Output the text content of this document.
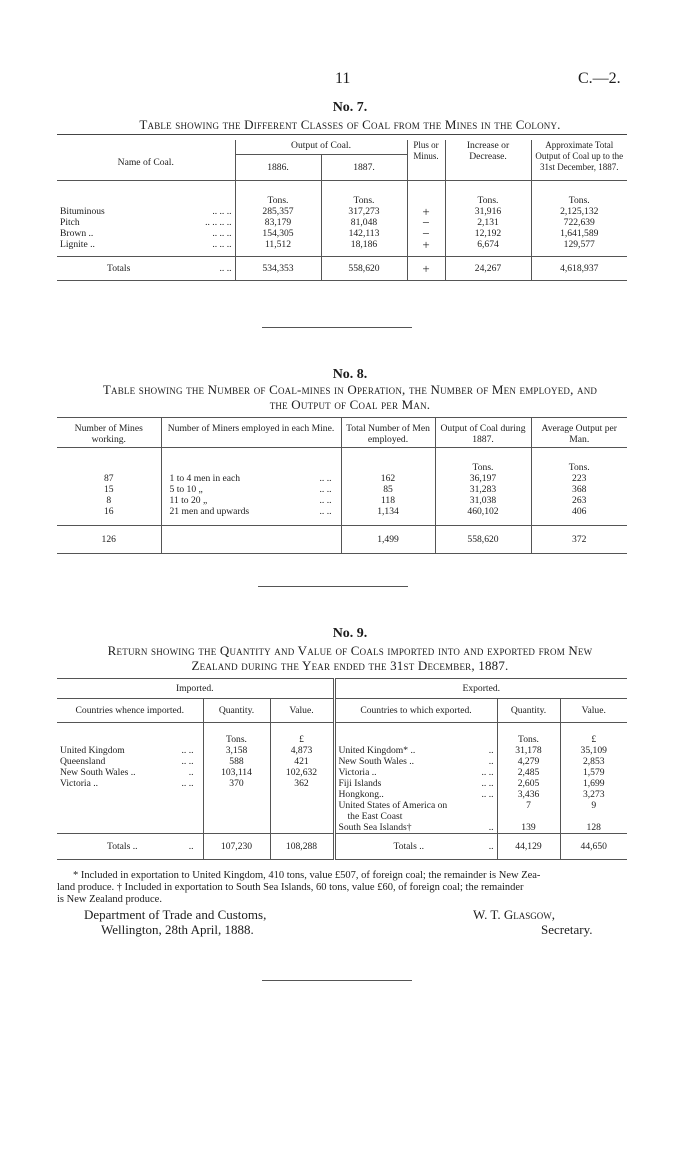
11	C.—2.
No. 7.
Table showing the Different Classes of Coal from the Mines in the Colony.
Name of Coal.	Output of Coal.		Plus or Minus.	Increase or Decrease.	Approximate Total Output of Coal up to the 31st December, 1887.
	1886.	1887.			
	Tons.	Tons.		Tons.	Tons.
Bituminous .. .. ..	285,357	317,273	+	31,916	2,125,132
Pitch .. .. .. ..	83,179	81,048	−	2,131	722,639
Brown .. .. .. ..	154,305	142,113	−	12,192	1,641,589
Lignite .. .. .. ..	11,512	18,186	+	6,674	129,577
Totals .. ..	534,353	558,620	+	24,267	4,618,937
No. 8.
Table showing the Number of Coal-mines in Operation, the Number of Men employed, and
the Output of Coal per Man.
Number of Mines working.	Number of Miners employed in each Mine.	Total Number of Men employed.	Output of Coal during 1887.	Average Output per Man.
			Tons.	Tons.
87	1 to 4 men in each .. ..	162	36,197	223
15	5 to 10 „ .. ..	85	31,283	368
8	11 to 20 „ .. ..	118	31,038	263
16	21 men and upwards .. ..	1,134	460,102	406
126		1,499	558,620	372
No. 9.
Return showing the Quantity and Value of Coals imported into and exported from New
Zealand during the Year ended the 31st December, 1887.
Imported.			Exported.		
Countries whence imported.	Quantity.	Value.	Countries to which exported.	Quantity.	Value.
	Tons.	£		Tons.	£
United Kingdom .. ..	3,158	4,873	United Kingdom* .. ..	31,178	35,109
Queensland .. ..	588	421	New South Wales .. ..	4,279	2,853
New South Wales .. ..	103,114	102,632	Victoria .. .. ..	2,485	1,579
Victoria .. .. ..	370	362	Fiji Islands .. ..	2,605	1,699
			Hongkong.. .. ..	3,436	3,273
			United States of America on	7	9
			the East Coast		
			South Sea Islands† ..	139	128
Totals .. ..	107,230	108,288	Totals .. ..	44,129	44,650
* Included in exportation to United Kingdom, 410 tons, value £507, of foreign coal; the remainder is New Zea-
land produce. † Included in exportation to South Sea Islands, 60 tons, value £60, of foreign coal; the remainder
is New Zealand produce.
Department of Trade and Customs,
Wellington, 28th April, 1888.
W. T. Glasgow,
Secretary.
